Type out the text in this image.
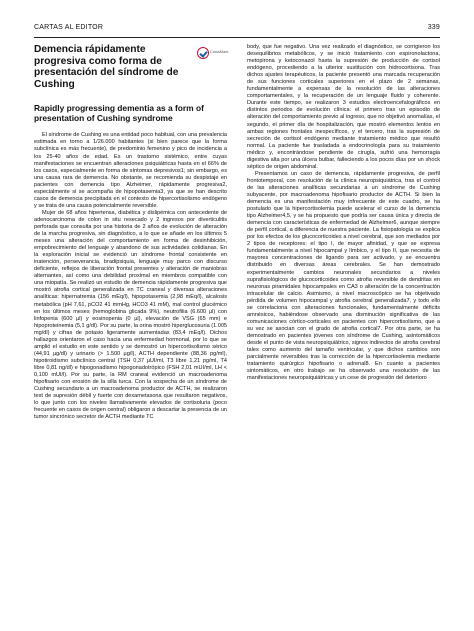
CARTAS AL EDITOR	339
CrossMark
Demencia rápidamente progresiva como forma de presentación del síndrome de Cushing
Rapidly progressing dementia as a form of presentation of Cushing syndrome

El síndrome de Cushing es una entidad poco habitual, con una prevalencia estimada en torno a 1/26.000 habitantes (si bien parece que la forma subclínica es más frecuente), de predominio femenino y pico de incidencia a los 25-40 años de edad. Es un trastorno sistémico, entre cuyas manifestaciones se encuentran alteraciones psiquiátricas hasta en el 66% de los casos, especialmente en forma de síntomas depresivos1; sin embargo, es una causa rara de demencia. No obstante, se recomienda su despistaje en pacientes con demencia tipo Alzheimer, rápidamente progresiva2, especialmente si se acompaña de hipopotasemia3, ya que se han descrito casos de demencia precipitada en el contexto de hipercortisolismo endógeno y se trata de una causa potencialmente reversible.

Mujer de 68 años hipertensa, diabética y dislipémica con antecedente de adenocarcinoma de colon in situ resecado y 2 ingresos por diverticulitis perforada que consulta por una historia de 2 años de evolución de alteración de la marcha progresiva, sin diagnóstico, a lo que se añade en los últimos 5 meses una alteración del comportamiento en forma de desinhibición, empobrecimiento del lenguaje y abandono de sus actividades cotidianas. En la exploración inicial se evidenció un síndrome frontal consistente en inatención, perseverancia, bradipsiquia, lenguaje muy parco con discurso deficiente, reflejos de liberación frontal presentes y alteración de maniobras alternantes, así como una debilidad proximal en miembros compatible con una miopatía. Se realizó un estudio de demencia rápidamente progresiva que mostró atrofia cortical generalizada en TC craneal y diversas alteraciones analíticas: hipernatremia (156 mEq/l), hipopotasemia (2,98 mEq/l), alcalosis metabólica (pH 7,61, pCO2 41 mmHg, HCO3 41 mM), mal control glucémico en los últimos meses (hemoglobina glicada 9%), neutrofilia (6.600 µl) con linfopenia (600 µl) y eosinopenia (0 µl), elevación de VSG (65 mm) e hipoproteinemia (5,1 g/dl). Por su parte, la orina mostró hiperglucosuria (1.005 mg/dl) y cifras de potasio ligeramente aumentadas (83,4 mEq/l). Dichos hallazgos orientaron el caso hacia una enfermedad hormonal, por lo que se amplió el estudio en este sentido y se demostró un hipercortisolismo sérico (44,91 µg/dl) y urinario (> 1.500 µg/l), ACTH dependiente (88,36 pg/ml), hipotiroidismo subclínico central (TSH 0,37 µUI/ml, T3 libre 1,21 pg/ml, T4 libre 0,81 ng/dl) e hipogonadismo hipogonadotrópico (FSH 2,01 mUI/ml, LH < 0,100 mUI/l). Por su parte, la RM craneal evidenció un macroadenoma hipofisario con erosión de la silla turca. Con la sospecha de un síndrome de Cushing secundario a un macroadenoma productor de ACTH, se realizaron test de supresión débil y fuerte con dexametasona que resultaron negativos, lo que junto con los niveles llamativamente elevados de cortisoluria (poco frecuente en casos de origen central) obligaron a descartar la presencia de un tumor sincrónico secretor de ACTH mediante TC

body, que fue negativo. Una vez realizado el diagnóstico, se corrigieron los desequilibrios metabólicos, y se inició tratamiento con espironolactona, metopirona y ketoconazol hasta la supresión de producción de cortisol endógeno, procediendo a la ulterior sustitución con hidrocortisona. Tras dichos ajustes terapéuticos, la paciente presentó una marcada recuperación de sus funciones corticales superiores en el plazo de 2 semanas, fundamentalmente a expensas de la resolución de las alteraciones comportamentales, y la recuperación de un lenguaje fluido y coherente. Durante este tiempo, se realizaron 3 estudios electroencefalográficos en distintos periodos de evolución clínica: el primero tras un episodio de alteración del comportamiento previo al ingreso, que no objetivó anomalías, el segundo, el primer día de hospitalización, que mostró elementos lentos en ambas regiones frontales inespecíficos, y el tercero, tras la supresión de secreción de cortisol endógeno mediante tratamiento médico que resultó normal. La paciente fue trasladada a endocrinología para su tratamiento médico y, encontrándose pendiente de cirugía, sufrió una hemorragia digestiva alta por una úlcera bulbar, falleciendo a los pocos días por un shock séptico de origen abdominal.

Presentamos un caso de demencia, rápidamente progresiva, de perfil frontotemporal, con resolución de la clínica neuropsiquiátrica, tras el control de las alteraciones analíticas secundarias a un síndrome de Cushing subyacente, por macroadenoma hipofisario productor de ACTH. Si bien la demencia es una manifestación muy infrecuente de este cuadro, se ha postulado que la hipercortisolemia puede acelerar el curso de la demencia tipo Alzheimer4,5, y se ha propuesto que podría ser causa única y directa de demencia con características de enfermedad de Alzheimer6, aunque siempre de perfil cortical, a diferencia de nuestra paciente. La fisiopatología se explica por los efectos de los glucocorticoides a nivel cerebral, que son mediados por 2 tipos de receptores: el tipo I, de mayor afinidad, y que se expresa fundamentalmente a nivel hipocampal y límbico, y el tipo II, que necesita de mayores concentraciones de ligando para ser activado, y se encuentra distribuido en diversas áreas cerebrales. Se han demostrado experimentalmente cambios neuronales secundarios a niveles suprafisiológicos de glucocorticoides como atrofia reversible de dendritas en neuronas piramidales hipocampales en CA3 o alteración de la concentración intracelular de calcio. Asimismo, a nivel macroscópico se ha objetivado pérdida de volumen hipocampal y atrofia cerebral generalizada7, y todo ello se correlaciona con alteraciones funcionales, fundamentalmente déficits amnésicos, habiéndose observado una disminución significativa de las comunicaciones córtico-corticales en pacientes con hipercortisolismo, que a su vez se asocian con el grado de atrofia cortical7. Por otra parte, se ha demostrado en pacientes jóvenes con síndrome de Cushing, asintomáticos desde el punto de vista neuropsiquiátrico, signos indirectos de atrofia cerebral tales como aumento del tamaño ventricular, y que dichos cambios son parcialmente reversibles tras la corrección de la hipercortisolemia mediante tratamiento quirúrgico hipofisario o adrenal8. En cuanto a pacientes sintomáticos, en otro trabajo se ha observado una resolución de las manifestaciones neuropsiquiátricas y un cese de progresión del deterioro
